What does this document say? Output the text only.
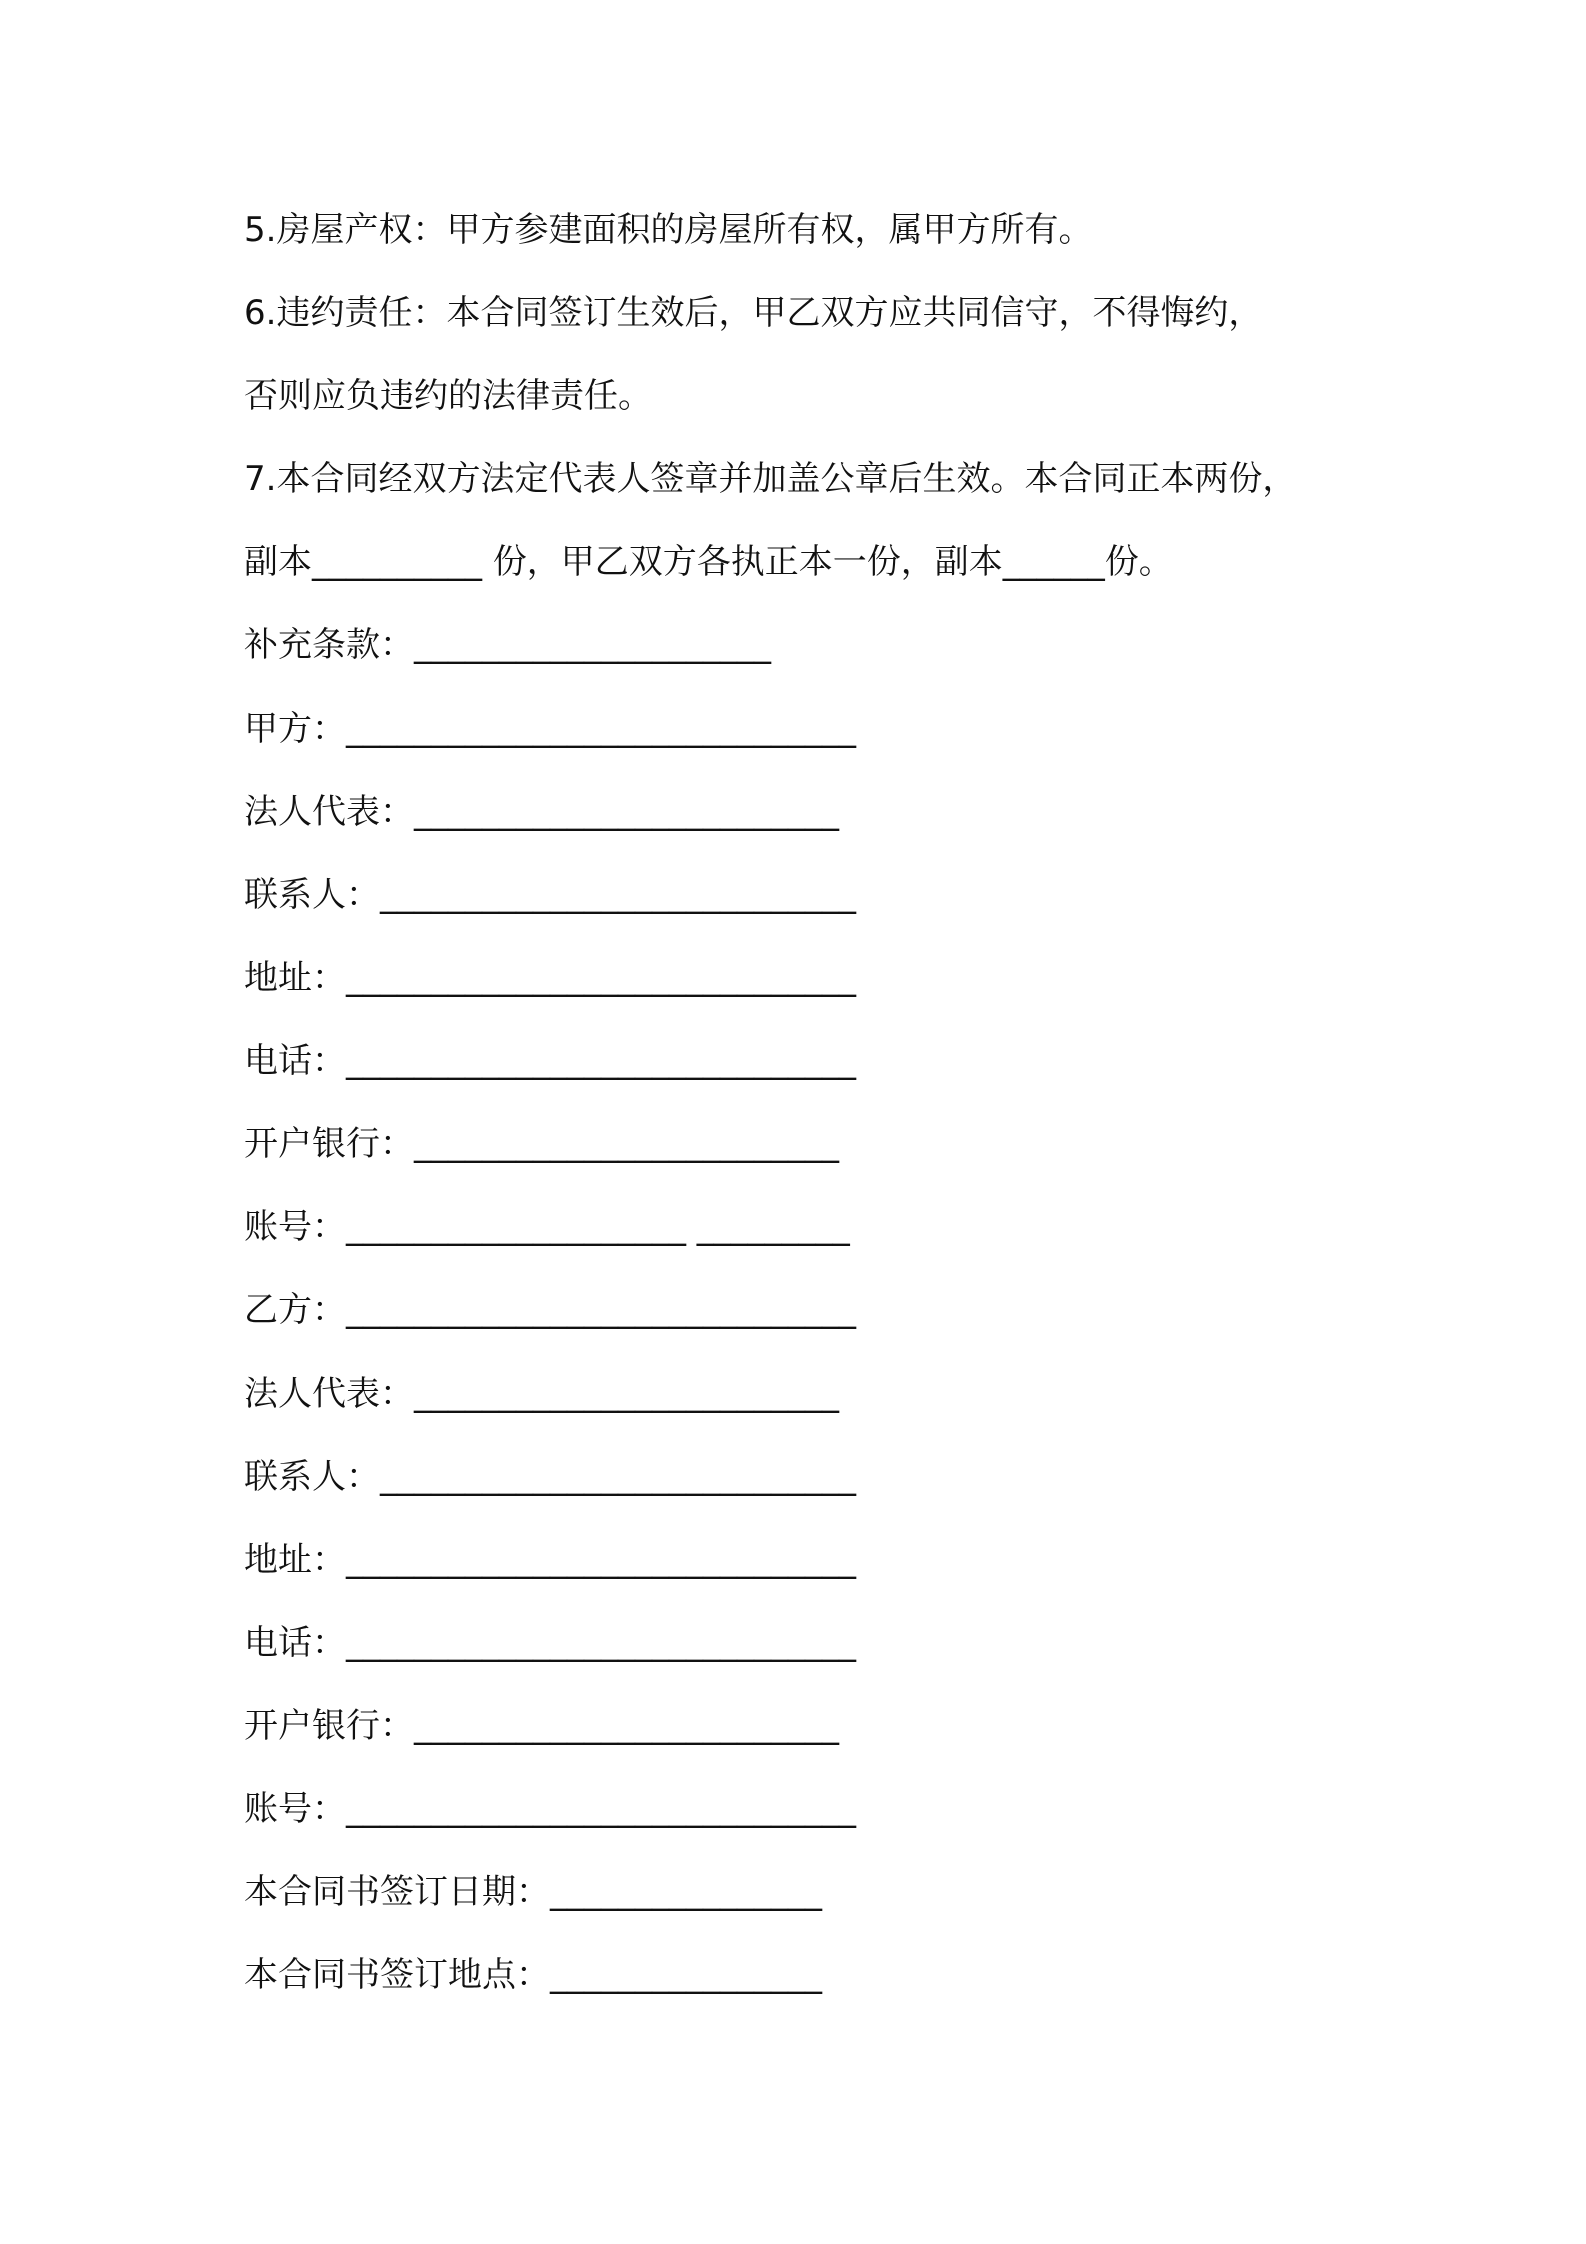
5.房屋产权：甲方参建面积的房屋所有权，属甲方所有。
6.违约责任：本合同签订生效后，甲乙双方应共同信守，不得悔约，
否则应负违约的法律责任。
7.本合同经双方法定代表人签章并加盖公章后生效。本合同正本两份，
副本__________ 份，甲乙双方各执正本一份，副本______份。
补充条款：_____________________
甲方：______________________________
法人代表：_________________________
联系人：____________________________
地址：______________________________
电话：______________________________
开户银行：_________________________
账号：____________________ _________
乙方：______________________________
法人代表：_________________________
联系人：____________________________
地址：______________________________
电话：______________________________
开户银行：_________________________
账号：______________________________
本合同书签订日期：________________
本合同书签订地点：________________
